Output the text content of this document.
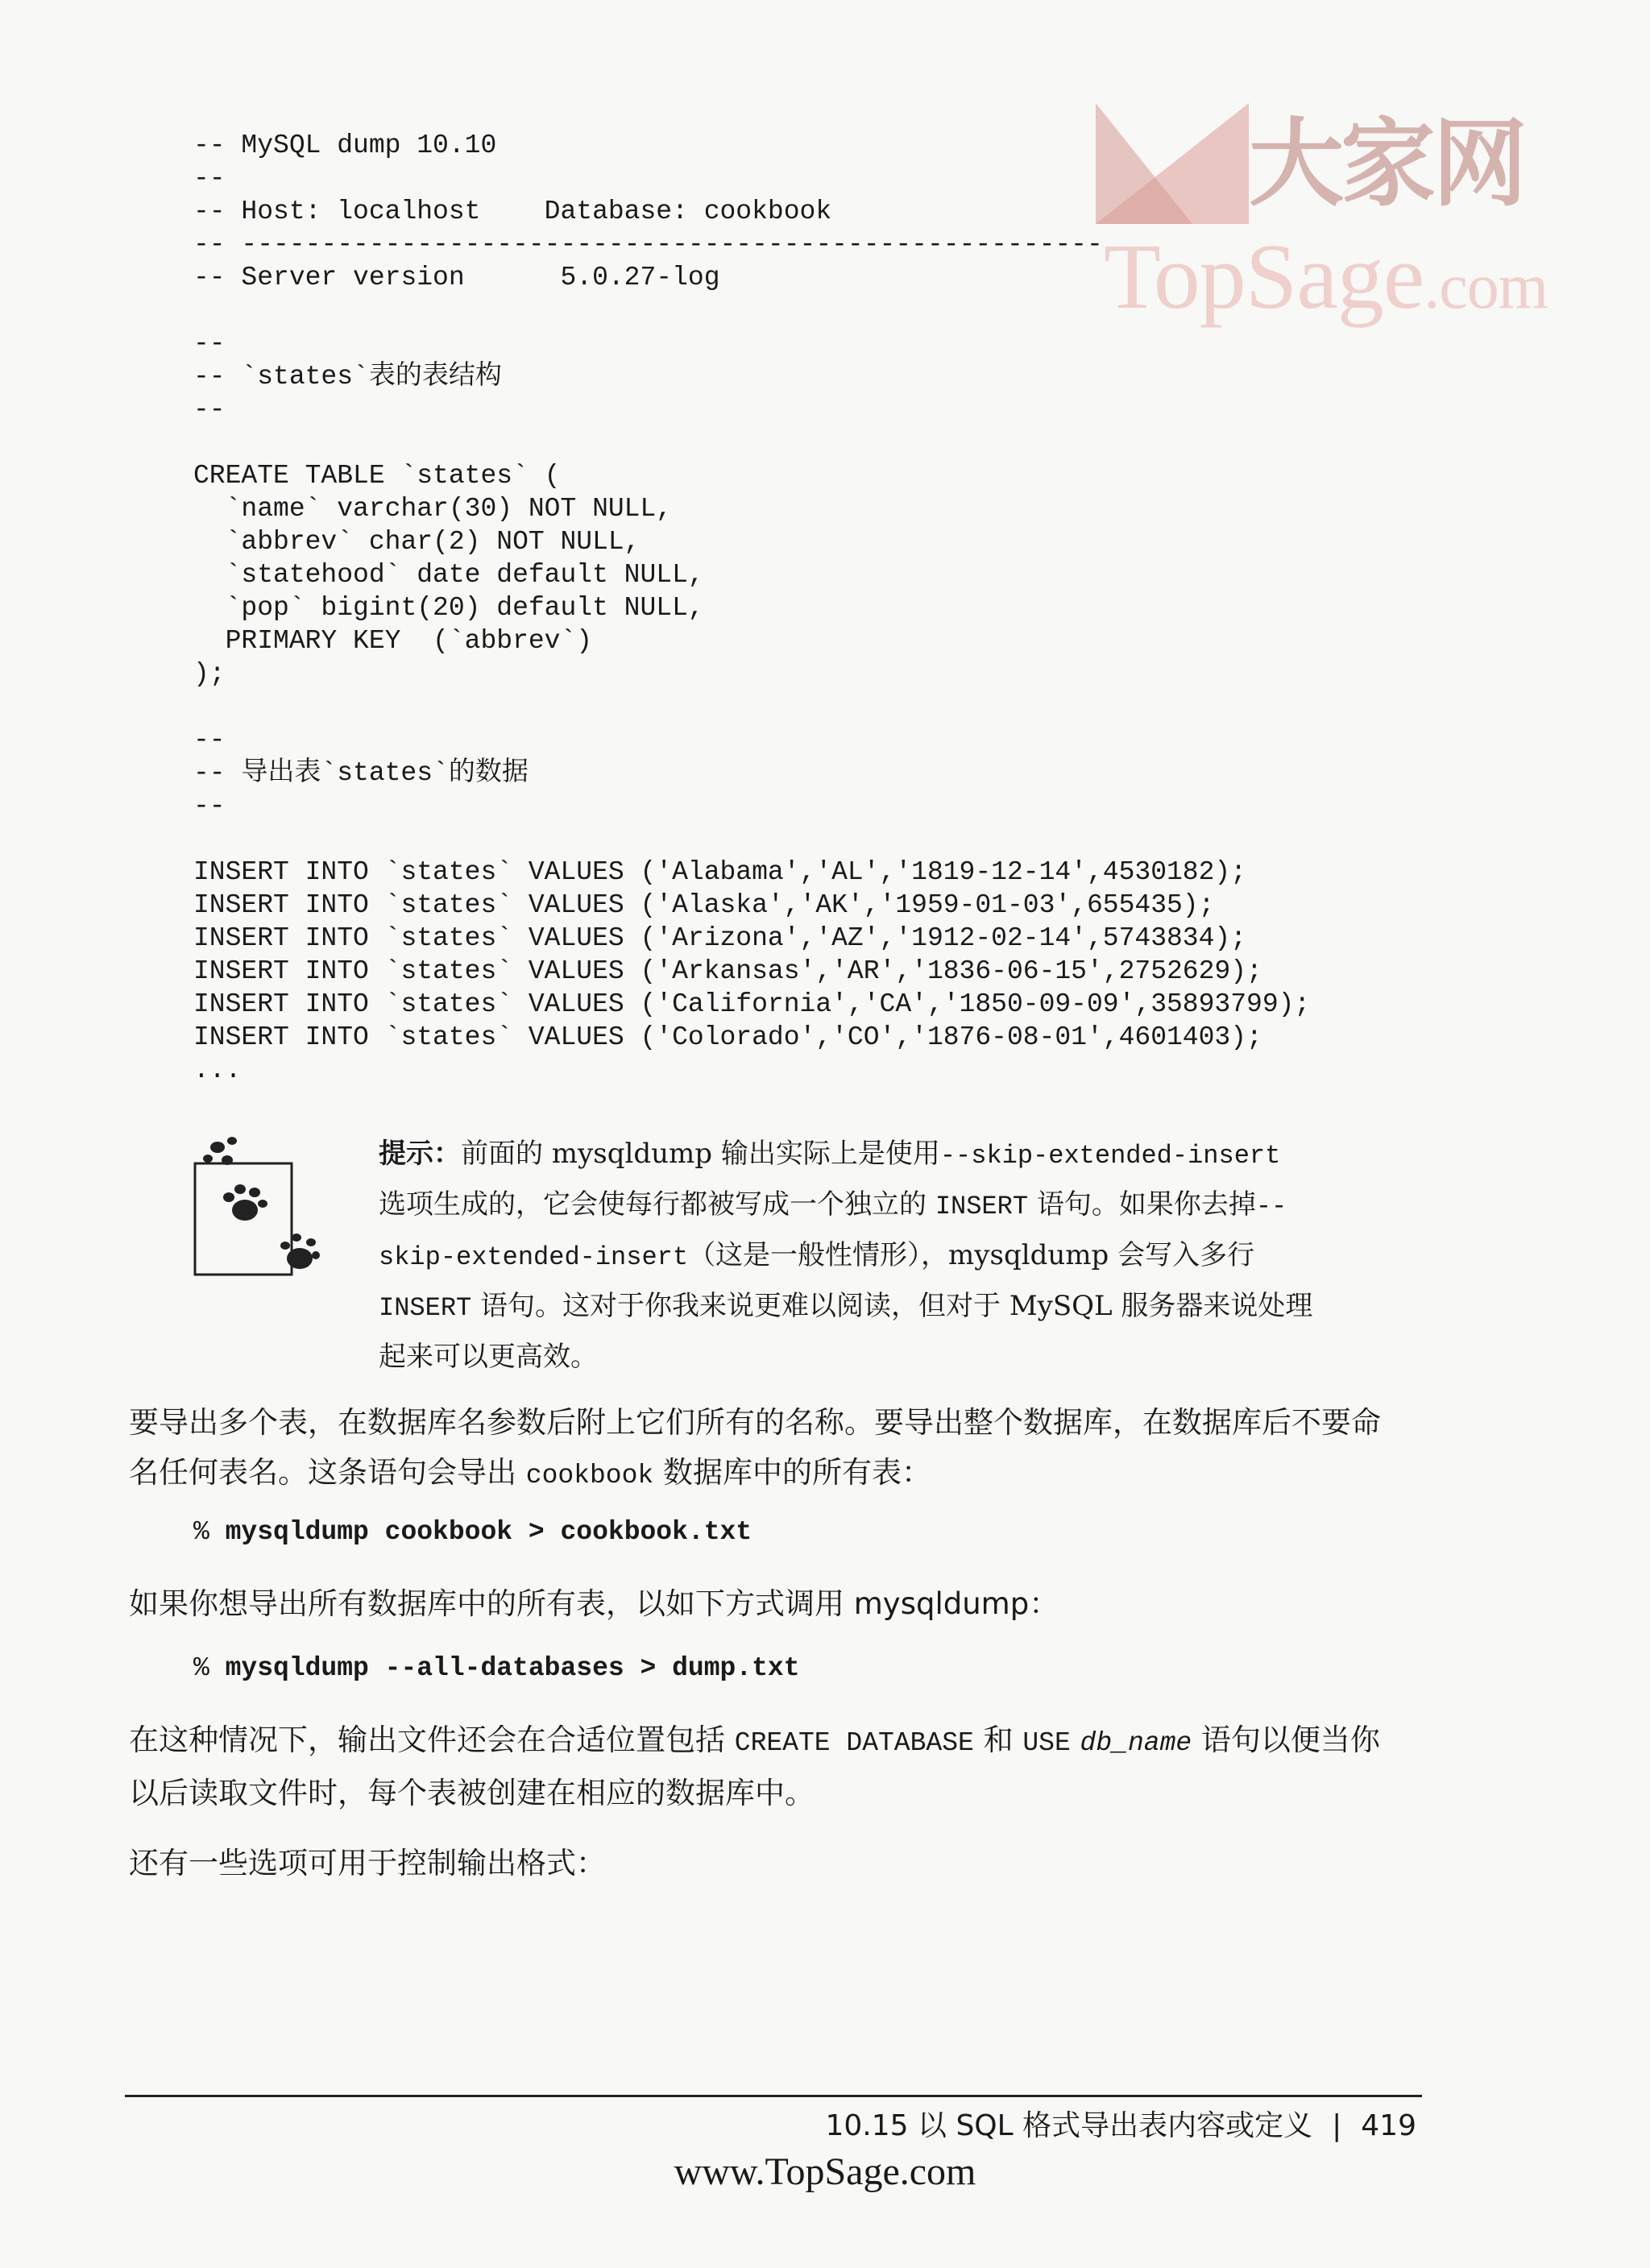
大家网
TopSage.com
-- MySQL dump 10.10
--
-- Host: localhost    Database: cookbook
-- ------------------------------------------------------
-- Server version      5.0.27-log

--
-- `states`表的表结构
--

CREATE TABLE `states` (
`name` varchar(30) NOT NULL,
`abbrev` char(2) NOT NULL,
`statehood` date default NULL,
`pop` bigint(20) default NULL,
PRIMARY KEY  (`abbrev`)
);

--
-- 导出表`states`的数据
--

INSERT INTO `states` VALUES ('Alabama','AL','1819-12-14',4530182);
INSERT INTO `states` VALUES ('Alaska','AK','1959-01-03',655435);
INSERT INTO `states` VALUES ('Arizona','AZ','1912-02-14',5743834);
INSERT INTO `states` VALUES ('Arkansas','AR','1836-06-15',2752629);
INSERT INTO `states` VALUES ('California','CA','1850-09-09',35893799);
INSERT INTO `states` VALUES ('Colorado','CO','1876-08-01',4601403);
...

提示：前面的 mysqldump 输出实际上是使用--skip-extended-insert 选项生成的，它会使每行都被写成一个独立的 INSERT 语句。如果你去掉--skip-extended-insert（这是一般性情形），mysqldump 会写入多行 INSERT 语句。这对于你我来说更难以阅读，但对于 MySQL 服务器来说处理起来可以更高效。
要导出多个表，在数据库名参数后附上它们所有的名称。要导出整个数据库，在数据库后不要命名任何表名。这条语句会导出 cookbook 数据库中的所有表：
% mysqldump cookbook > cookbook.txt
如果你想导出所有数据库中的所有表，以如下方式调用 mysqldump：
% mysqldump --all-databases > dump.txt
在这种情况下，输出文件还会在合适位置包括 CREATE DATABASE 和 USE db_name 语句以便当你以后读取文件时，每个表被创建在相应的数据库中。
还有一些选项可用于控制输出格式：
10.15 以 SQL 格式导出表内容或定义 | 419
www.TopSage.com
